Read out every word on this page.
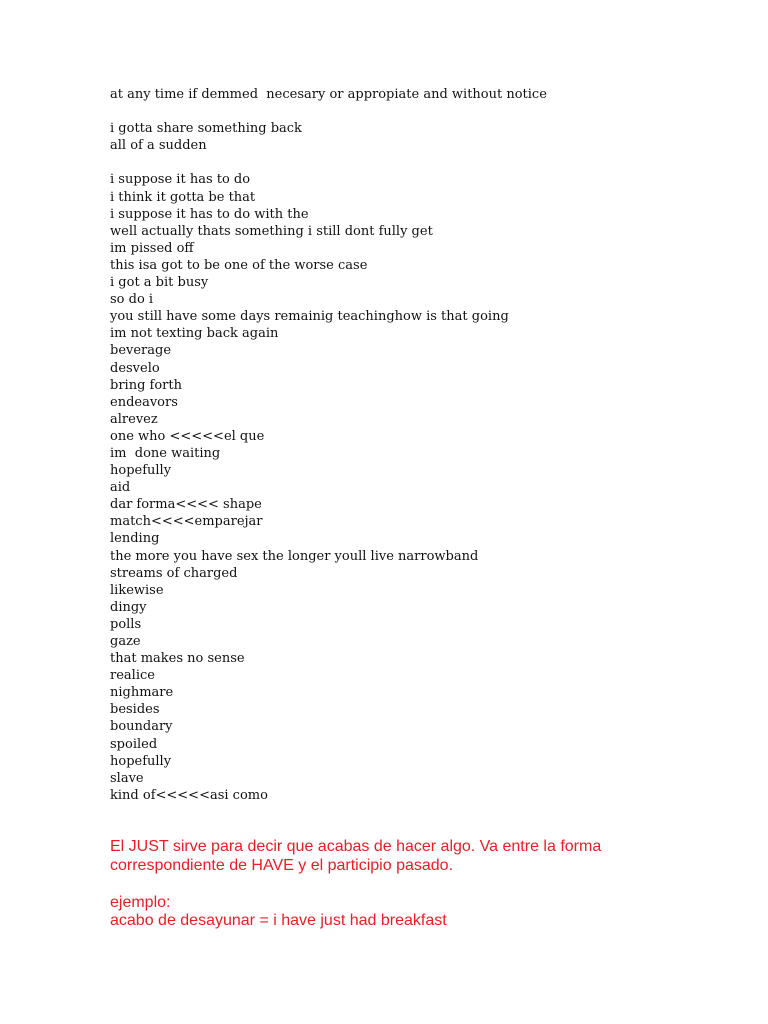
at any time if demmed  necesary or appropiate and without notice
i gotta share something back
all of a sudden
i suppose it has to do
i think it gotta be that
i suppose it has to do with the
well actually thats something i still dont fully get
im pissed off
this isa got to be one of the worse case
i got a bit busy
so do i
you still have some days remainig teachinghow is that going
im not texting back again
beverage
desvelo
bring forth
endeavors
alrevez
one who <<<<<el que
im  done waiting
hopefully
aid
dar forma<<<< shape
match<<<<emparejar
lending
the more you have sex the longer youll live narrowband
streams of charged
likewise
dingy
polls
gaze
that makes no sense
realice
nighmare
besides
boundary
spoiled
hopefully
slave
kind of<<<<<asi como
El JUST sirve para decir que acabas de hacer algo. Va entre la forma
correspondiente de HAVE y el participio pasado.
ejemplo:
acabo de desayunar = i have just had breakfast
